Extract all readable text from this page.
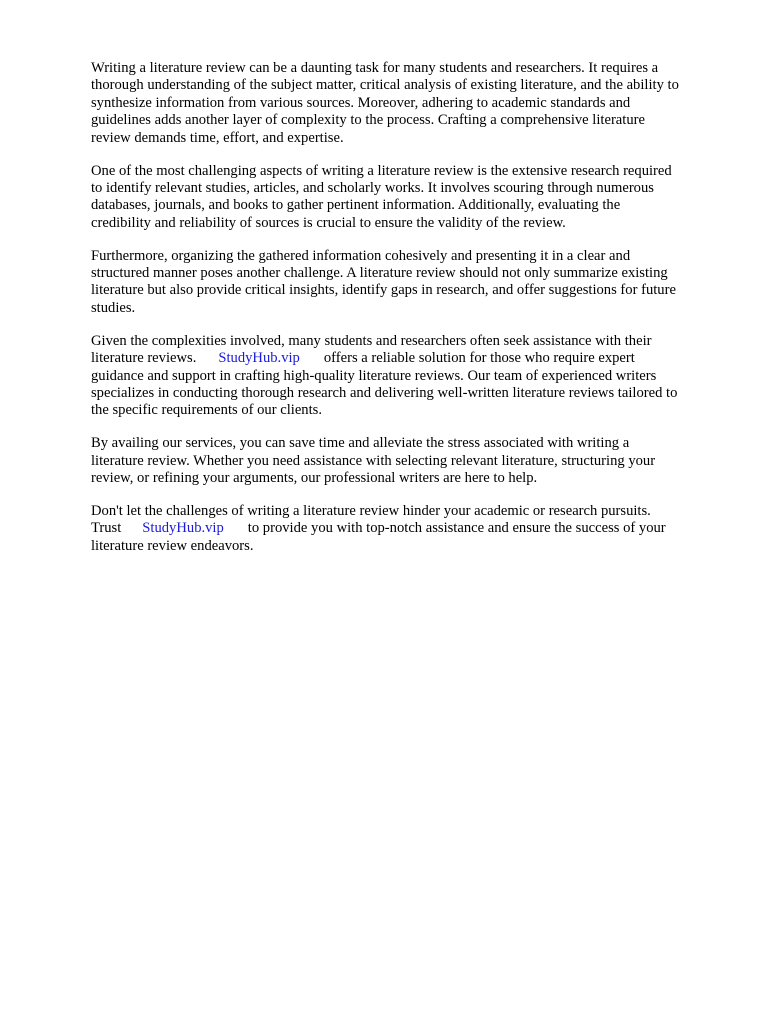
Writing a literature review can be a daunting task for many students and researchers. It requires a
thorough understanding of the subject matter, critical analysis of existing literature, and the ability to
synthesize information from various sources. Moreover, adhering to academic standards and
guidelines adds another layer of complexity to the process. Crafting a comprehensive literature
review demands time, effort, and expertise.

One of the most challenging aspects of writing a literature review is the extensive research required
to identify relevant studies, articles, and scholarly works. It involves scouring through numerous
databases, journals, and books to gather pertinent information. Additionally, evaluating the
credibility and reliability of sources is crucial to ensure the validity of the review.

Furthermore, organizing the gathered information cohesively and presenting it in a clear and
structured manner poses another challenge. A literature review should not only summarize existing
literature but also provide critical insights, identify gaps in research, and offer suggestions for future
studies.

Given the complexities involved, many students and researchers often seek assistance with their
literature reviews. StudyHub.vip offers a reliable solution for those who require expert
guidance and support in crafting high-quality literature reviews. Our team of experienced writers
specializes in conducting thorough research and delivering well-written literature reviews tailored to
the specific requirements of our clients.

By availing our services, you can save time and alleviate the stress associated with writing a
literature review. Whether you need assistance with selecting relevant literature, structuring your
review, or refining your arguments, our professional writers are here to help.

Don't let the challenges of writing a literature review hinder your academic or research pursuits.
Trust StudyHub.vip to provide you with top-notch assistance and ensure the success of your
literature review endeavors.
